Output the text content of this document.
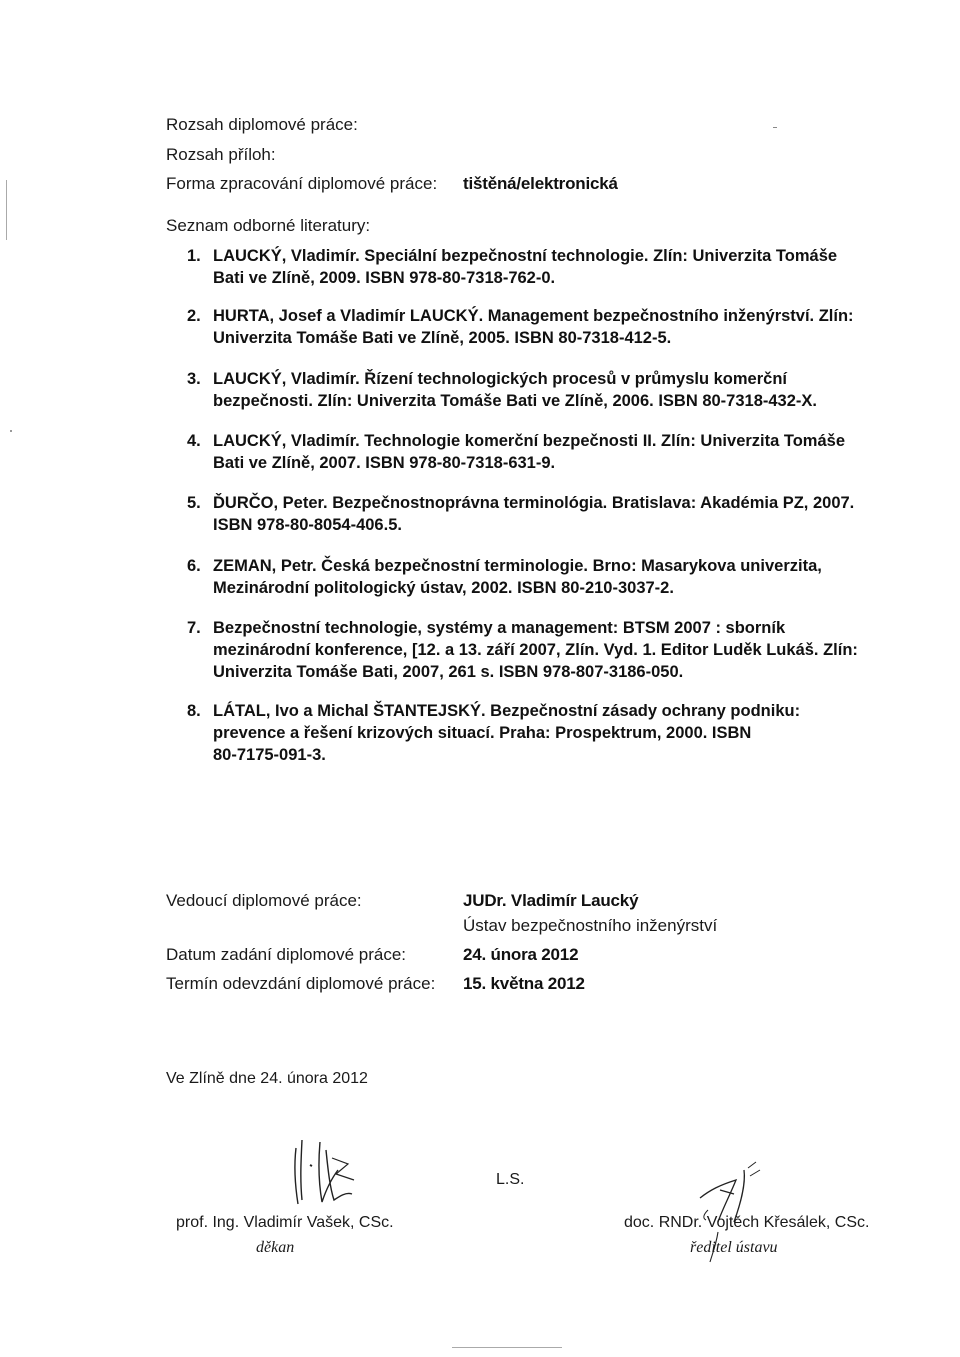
Rozsah diplomové práce:
Rozsah příloh:
Forma zpracování diplomové práce: tištěná/elektronická
Seznam odborné literatury:
1. LAUCKÝ, Vladimír. Speciální bezpečnostní technologie. Zlín: Univerzita Tomáše
Bati ve Zlíně, 2009. ISBN 978-80-7318-762-0.
2. HURTA, Josef a Vladimír LAUCKÝ. Management bezpečnostního inženýrství. Zlín:
Univerzita Tomáše Bati ve Zlíně, 2005. ISBN 80-7318-412-5.
3. LAUCKÝ, Vladimír. Řízení technologických procesů v průmyslu komerční
bezpečnosti. Zlín: Univerzita Tomáše Bati ve Zlíně, 2006. ISBN 80-7318-432-X.
4. LAUCKÝ, Vladimír. Technologie komerční bezpečnosti II. Zlín: Univerzita Tomáše
Bati ve Zlíně, 2007. ISBN 978-80-7318-631-9.
5. ĎURČO, Peter. Bezpečnostnoprávna terminológia. Bratislava: Akadémia PZ, 2007.
ISBN 978-80-8054-406.5.
6. ZEMAN, Petr. Česká bezpečnostní terminologie. Brno: Masarykova univerzita,
Mezinárodní politologický ústav, 2002. ISBN 80-210-3037-2.
7. Bezpečnostní technologie, systémy a management: BTSM 2007 : sborník
mezinárodní konference, [12. a 13. září 2007, Zlín. Vyd. 1. Editor Luděk Lukáš. Zlín:
Univerzita Tomáše Bati, 2007, 261 s. ISBN 978-807-3186-050.
8. LÁTAL, Ivo a Michal ŠTANTEJSKÝ. Bezpečnostní zásady ochrany podniku:
prevence a řešení krizových situací. Praha: Prospektrum, 2000. ISBN
80-7175-091-3.
Vedoucí diplomové práce:	JUDr. Vladimír Laucký
Ústav bezpečnostního inženýrství
Datum zadání diplomové práce:	24. února 2012
Termín odevzdání diplomové práce: 15. května 2012
Ve Zlíně dne 24. února 2012
L.S.
prof. Ing. Vladimír Vašek, CSc.
děkan
doc. RNDr. Vojtěch Křesálek, CSc.
ředitel ústavu
